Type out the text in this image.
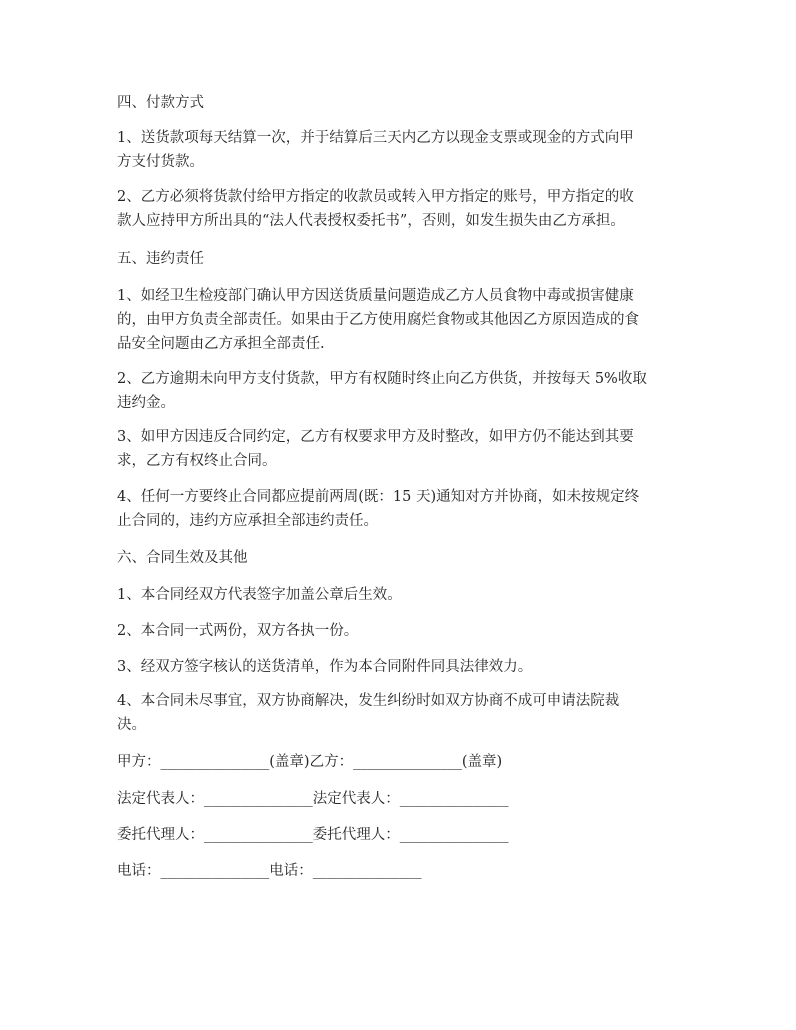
四、付款方式
1、送货款项每天结算一次，并于结算后三天内乙方以现金支票或现金的方式向甲
方支付货款。
2、乙方必须将货款付给甲方指定的收款员或转入甲方指定的账号，甲方指定的收
款人应持甲方所出具的“法人代表授权委托书”，否则，如发生损失由乙方承担。
五、违约责任
1、如经卫生检疫部门确认甲方因送货质量问题造成乙方人员食物中毒或损害健康
的，由甲方负责全部责任。如果由于乙方使用腐烂食物或其他因乙方原因造成的食
品安全问题由乙方承担全部责任.
2、乙方逾期未向甲方支付货款，甲方有权随时终止向乙方供货，并按每天 5%收取
违约金。
3、如甲方因违反合同约定，乙方有权要求甲方及时整改，如甲方仍不能达到其要
求，乙方有权终止合同。
4、任何一方要终止合同都应提前两周(既：15 天)通知对方并协商，如未按规定终
止合同的，违约方应承担全部违约责任。
六、合同生效及其他
1、本合同经双方代表签字加盖公章后生效。
2、本合同一式两份，双方各执一份。
3、经双方签字核认的送货清单，作为本合同附件同具法律效力。
4、本合同未尽事宜，双方协商解决，发生纠纷时如双方协商不成可申请法院裁
决。
甲方：_______________(盖章)乙方：_______________(盖章)
法定代表人：_______________法定代表人：_______________
委托代理人：_______________委托代理人：_______________
电话：_______________电话：_______________
